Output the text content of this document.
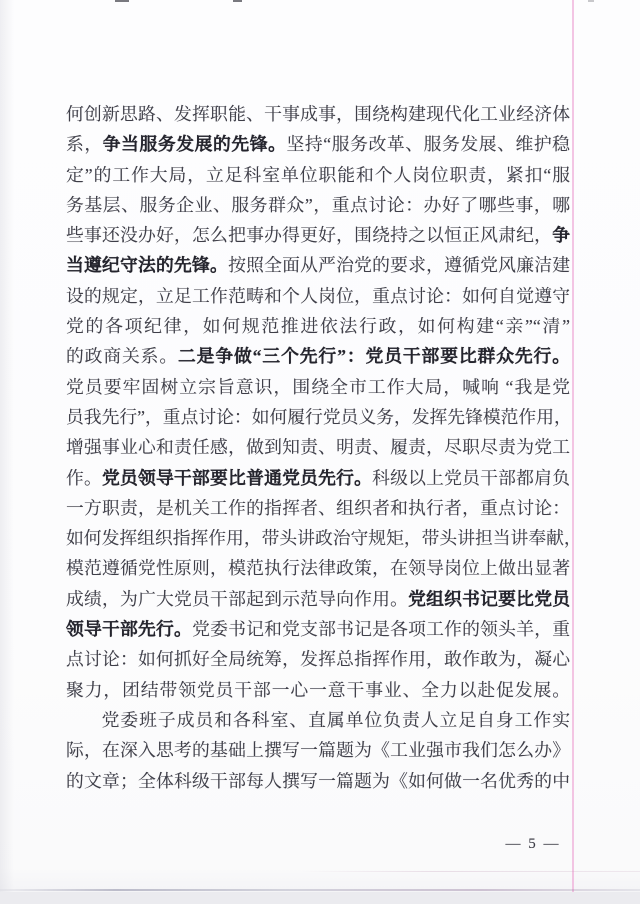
何创新思路、发挥职能、干事成事，围绕构建现代化工业经济体
系，争当服务发展的先锋。坚持“服务改革、服务发展、维护稳
定”的工作大局，立足科室单位职能和个人岗位职责，紧扣“服
务基层、服务企业、服务群众”，重点讨论：办好了哪些事，哪
些事还没办好，怎么把事办得更好，围绕持之以恒正风肃纪，争
当遵纪守法的先锋。按照全面从严治党的要求，遵循党风廉洁建
设的规定，立足工作范畴和个人岗位，重点讨论：如何自觉遵守
党的各项纪律，如何规范推进依法行政，如何构建“亲”“清”
的政商关系。二是争做“三个先行”：党员干部要比群众先行。
党员要牢固树立宗旨意识，围绕全市工作大局，喊响 “我是党
员我先行”，重点讨论：如何履行党员义务，发挥先锋模范作用，
增强事业心和责任感，做到知责、明责、履责，尽职尽责为党工
作。党员领导干部要比普通党员先行。科级以上党员干部都肩负
一方职责，是机关工作的指挥者、组织者和执行者，重点讨论：
如何发挥组织指挥作用，带头讲政治守规矩，带头讲担当讲奉献，
模范遵循党性原则，模范执行法律政策，在领导岗位上做出显著
成绩，为广大党员干部起到示范导向作用。党组织书记要比党员
领导干部先行。党委书记和党支部书记是各项工作的领头羊，重
点讨论：如何抓好全局统筹，发挥总指挥作用，敢作敢为，凝心
聚力，团结带领党员干部一心一意干事业、全力以赴促发展。
党委班子成员和各科室、直属单位负责人立足自身工作实
际，在深入思考的基础上撰写一篇题为《工业强市我们怎么办》
的文章；全体科级干部每人撰写一篇题为《如何做一名优秀的中
— 5 —
